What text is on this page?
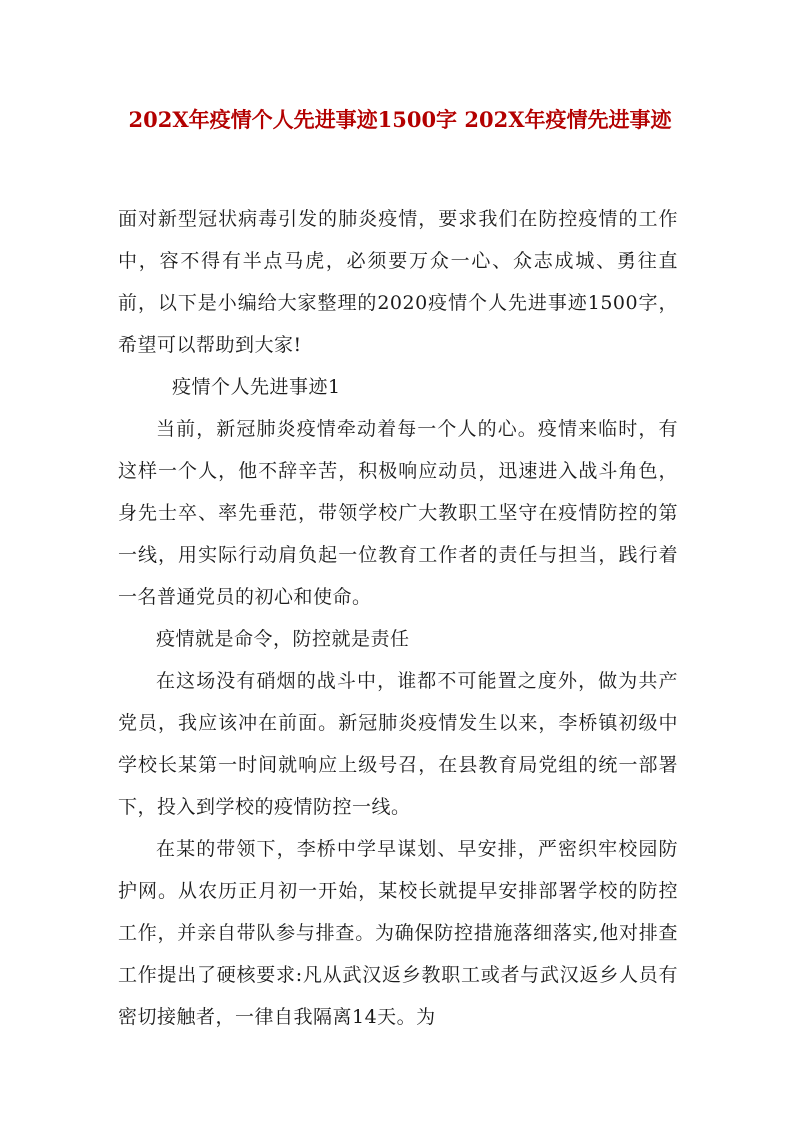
202X年疫情个人先进事迹1500字 202X年疫情先进事迹

面对新型冠状病毒引发的肺炎疫情，要求我们在防控疫情的工作中，容不得有半点马虎，必须要万众一心、众志成城、勇往直前，以下是小编给大家整理的2020疫情个人先进事迹1500字，希望可以帮助到大家!

疫情个人先进事迹1

当前，新冠肺炎疫情牵动着每一个人的心。疫情来临时，有这样一个人，他不辞辛苦，积极响应动员，迅速进入战斗角色，身先士卒、率先垂范，带领学校广大教职工坚守在疫情防控的第一线，用实际行动肩负起一位教育工作者的责任与担当，践行着一名普通党员的初心和使命。

疫情就是命令，防控就是责任

在这场没有硝烟的战斗中，谁都不可能置之度外，做为共产党员，我应该冲在前面。新冠肺炎疫情发生以来，李桥镇初级中学校长某第一时间就响应上级号召，在县教育局党组的统一部署下，投入到学校的疫情防控一线。

在某的带领下，李桥中学早谋划、早安排，严密织牢校园防护网。从农历正月初一开始，某校长就提早安排部署学校的防控工作，并亲自带队参与排查。为确保防控措施落细落实,他对排查工作提出了硬核要求:凡从武汉返乡教职工或者与武汉返乡人员有密切接触者，一律自我隔离14天。为
